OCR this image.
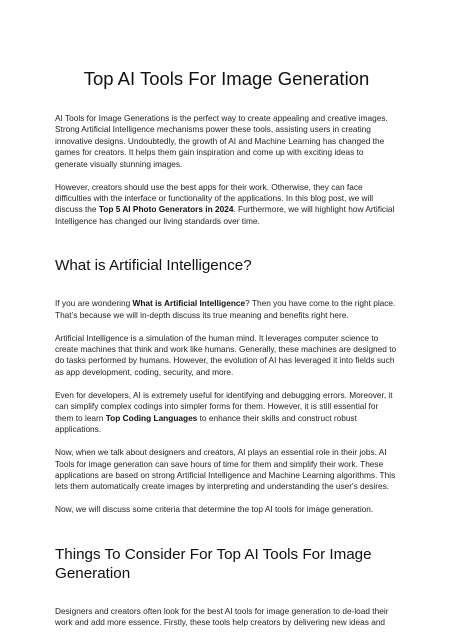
Top AI Tools For Image Generation

AI Tools for Image Generations is the perfect way to create appealing and creative images. Strong Artificial Intelligence mechanisms power these tools, assisting users in creating innovative designs. Undoubtedly, the growth of AI and Machine Learning has changed the games for creators. It helps them gain inspiration and come up with exciting ideas to generate visually stunning images.

However, creators should use the best apps for their work. Otherwise, they can face difficulties with the interface or functionality of the applications. In this blog post, we will discuss the Top 5 AI Photo Generators in 2024. Furthermore, we will highlight how Artificial Intelligence has changed our living standards over time.

What is Artificial Intelligence?

If you are wondering What is Artificial Intelligence? Then you have come to the right place. That’s because we will in-depth discuss its true meaning and benefits right here.

Artificial Intelligence is a simulation of the human mind. It leverages computer science to create machines that think and work like humans. Generally, these machines are designed to do tasks performed by humans. However, the evolution of AI has leveraged it into fields such as app development, coding, security, and more.

Even for developers, AI is extremely useful for identifying and debugging errors. Moreover, it can simplify complex codings into simpler forms for them. However, it is still essential for them to learn Top Coding Languages to enhance their skills and construct robust applications.

Now, when we talk about designers and creators, AI plays an essential role in their jobs. AI Tools for image generation can save hours of time for them and simplify their work. These applications are based on strong Artificial Intelligence and Machine Learning algorithms. This lets them automatically create images by interpreting and understanding the user's desires.

Now, we will discuss some criteria that determine the top AI tools for image generation.

Things To Consider For Top AI Tools For Image Generation

Designers and creators often look for the best AI tools for image generation to de-load their work and add more essence. Firstly, these tools help creators by delivering new ideas and
